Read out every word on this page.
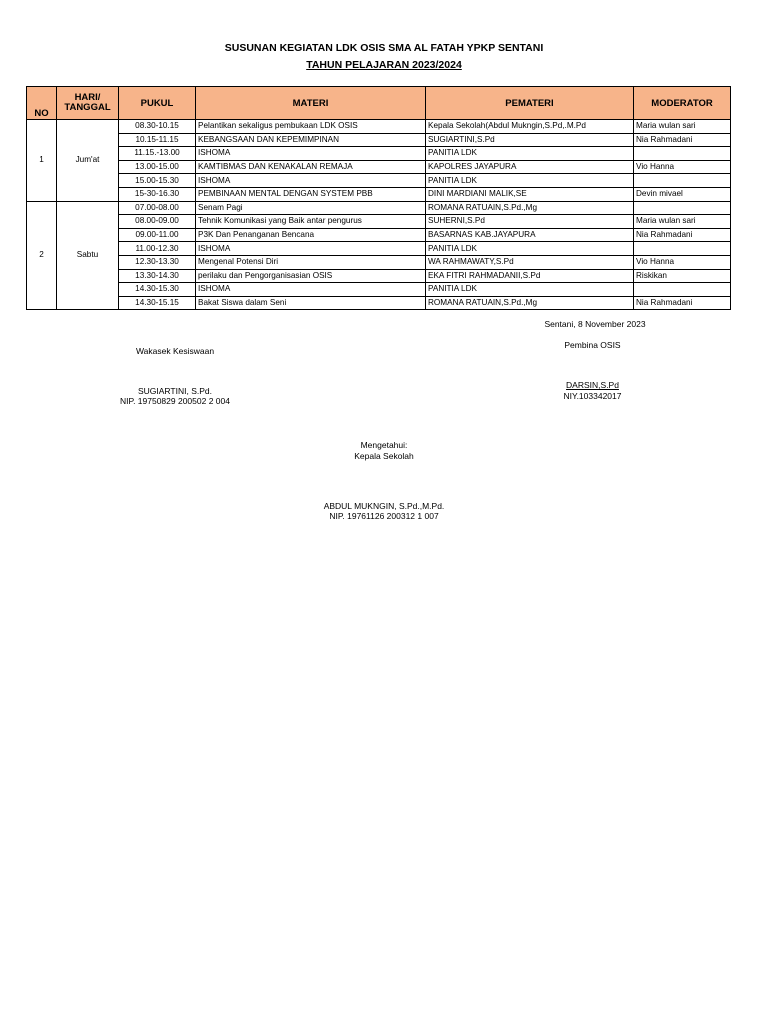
SUSUNAN KEGIATAN LDK OSIS SMA AL FATAH YPKP SENTANI
TAHUN PELAJARAN 2023/2024
NO	HARI/ TANGGAL	PUKUL	MATERI	PEMATERI	MODERATOR
1	Jum'at	08.30-10.15	Pelantikan sekaligus pembukaan LDK OSIS	Kepala Sekolah(Abdul Mukngin,S.Pd,.M.Pd	Maria wulan sari
		10.15-11.15	KEBANGSAAN DAN KEPEMIMPINAN	SUGIARTINI,S.Pd	Nia Rahmadani
		11.15.-13.00	ISHOMA	PANITIA LDK	
		13.00-15.00	KAMTIBMAS DAN KENAKALAN REMAJA	KAPOLRES JAYAPURA	Vio Hanna
		15.00-15.30	ISHOMA	PANITIA LDK	
		15-30-16.30	PEMBINAAN MENTAL DENGAN SYSTEM PBB	DINI MARDIANI MALIK,SE	Devin mivael
2	Sabtu	07.00-08.00	Senam Pagi	ROMANA RATUAIN,S.Pd.,Mg	
		08.00-09.00	Tehnik Komunikasi yang Baik antar pengurus	SUHERNI,S.Pd	Maria wulan sari
		09.00-11.00	P3K Dan Penanganan Bencana	BASARNAS KAB.JAYAPURA	Nia Rahmadani
		11.00-12.30	ISHOMA	PANITIA LDK	
		12.30-13.30	Mengenal Potensi Diri	WA RAHMAWATY,S.Pd	Vio Hanna
		13.30-14.30	perilaku dan Pengorganisasian OSIS	EKA FITRI RAHMADANII,S.Pd	Riskikan
		14.30-15.30	ISHOMA	PANITIA LDK	
		14.30-15.15	Bakat Siswa dalam Seni	ROMANA RATUAIN,S.Pd.,Mg	Nia Rahmadani
Sentani, 8 November 2023
Wakasek Kesiswaan
SUGIARTINI, S.Pd.
NIP. 19750829 200502 2 004
Pembina OSIS
DARSIN,S.Pd
NIY.103342017
Mengetahui:
Kepala Sekolah
ABDUL MUKNGIN, S.Pd.,M.Pd.
NIP. 19761126 200312 1 007
